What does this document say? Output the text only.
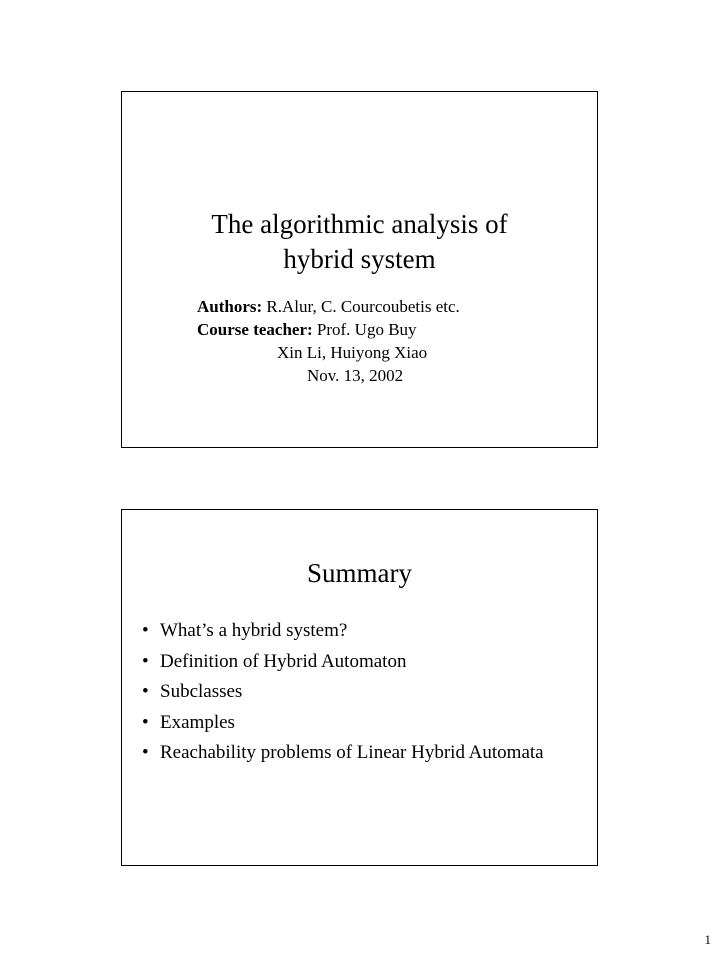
The algorithmic analysis of
hybrid system
Authors: R.Alur, C. Courcoubetis etc.
Course teacher: Prof. Ugo Buy
Xin Li, Huiyong Xiao
Nov. 13, 2002
Summary
• What’s a hybrid system?
• Definition of Hybrid Automaton
• Subclasses
• Examples
• Reachability problems of Linear Hybrid Automata
1
